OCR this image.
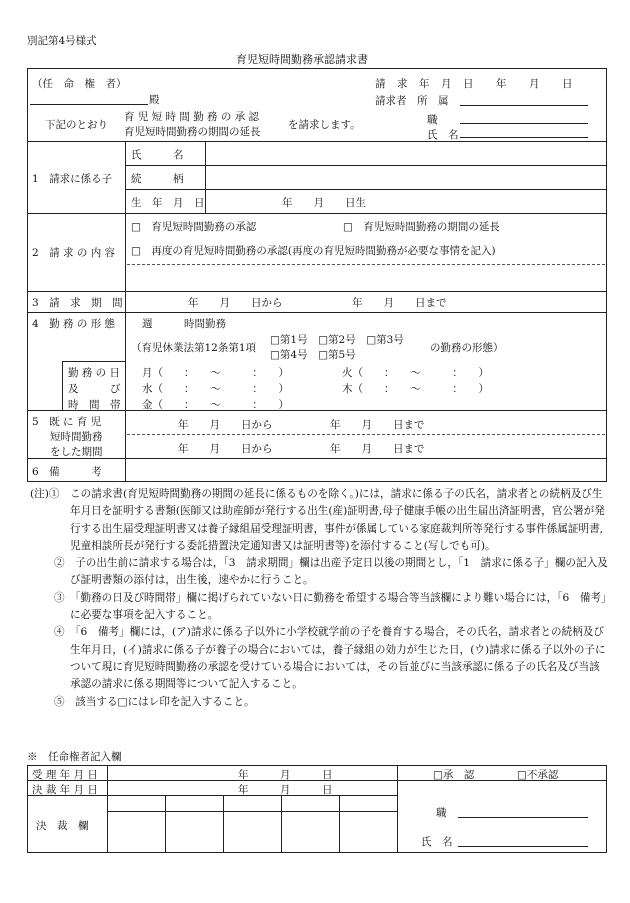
別記第4号様式
育児短時間勤務承認請求書
（任　命　権　者）
殿
請　求　年　月　日　　年　　月　　日
請求者　所　属
職
氏　名
下記のとおり
育 児 短 時 間 勤 務 の 承 認
育児短時間勤務の期間の延長
を請求します。
1　請求に係る子
氏　　　名
続　　　柄
生　年　月　日	年　　月　　日生
2　請 求 の 内 容
□　育児短時間勤務の承認	□　育児短時間勤務の期間の延長
□　再度の育児短時間勤務の承認(再度の育児短時間勤務が必要な事情を記入)
3　請　求　期　間	年　　月　　日から	年　　月　　日まで
4　勤 務 の 形 態	週　　　時間勤務
（育児休業法第12条第1項
□第1号　□第2号　□第3号
□第4号　□第5号
の勤務の形態）
勤 務 の 日
及　　　び
時　間　帯
月（　　：　　〜　　　：　　）	火（　　：　　〜　　　：　　）
水（　　：　　〜　　　：　　）	木（　　：　　〜　　　：　　）
金（　　：　　〜　　　：　　）
5　既 に 育 児
短時間勤務
をした期間
年　　月　　日から	年　　月　　日まで
年　　月　　日から	年　　月　　日まで
6　備　　　考
(注)①　 この請求書(育児短時間勤務の期間の延長に係るものを除く。)には，請求に係る子の氏名，請求者との続柄及び生年月日を証明する書類(医師又は助産師が発行する出生(産)証明書,母子健康手帳の出生届出済証明書，官公署が発行する出生届受理証明書又は養子縁組届受理証明書，事件が係属している家庭裁判所等発行する事件係属証明書,児童相談所長が発行する委託措置決定通知書又は証明書等)を添付すること(写しでも可)。
②　 子の出生前に請求する場合は，「3　請求期間」欄は出産予定日以後の期間とし，「1　請求に係る子」欄の記入及び証明書類の添付は，出生後，速やかに行うこと。
③　 「勤務の日及び時間帯」欄に掲げられていない日に勤務を希望する場合等当該欄により難い場合には，「6　備考」に必要な事項を記入すること。
④　 「6　備考」欄には，(ア)請求に係る子以外に小学校就学前の子を養育する場合，その氏名，請求者との続柄及び生年月日，(イ)請求に係る子が養子の場合においては，養子縁組の効力が生じた日，(ウ)請求に係る子以外の子について現に育児短時間勤務の承認を受けている場合においては，その旨並びに当該承認に係る子の氏名及び当該承認の請求に係る期間等について記入すること。
⑤　 該当する□にはレ印を記入すること。
※　任命権者記入欄
受 理 年 月 日	年　　　月　　　日
決 裁 年 月 日	年　　　月　　　日
□承　認	□不承認
決　裁　欄
職
氏　名
